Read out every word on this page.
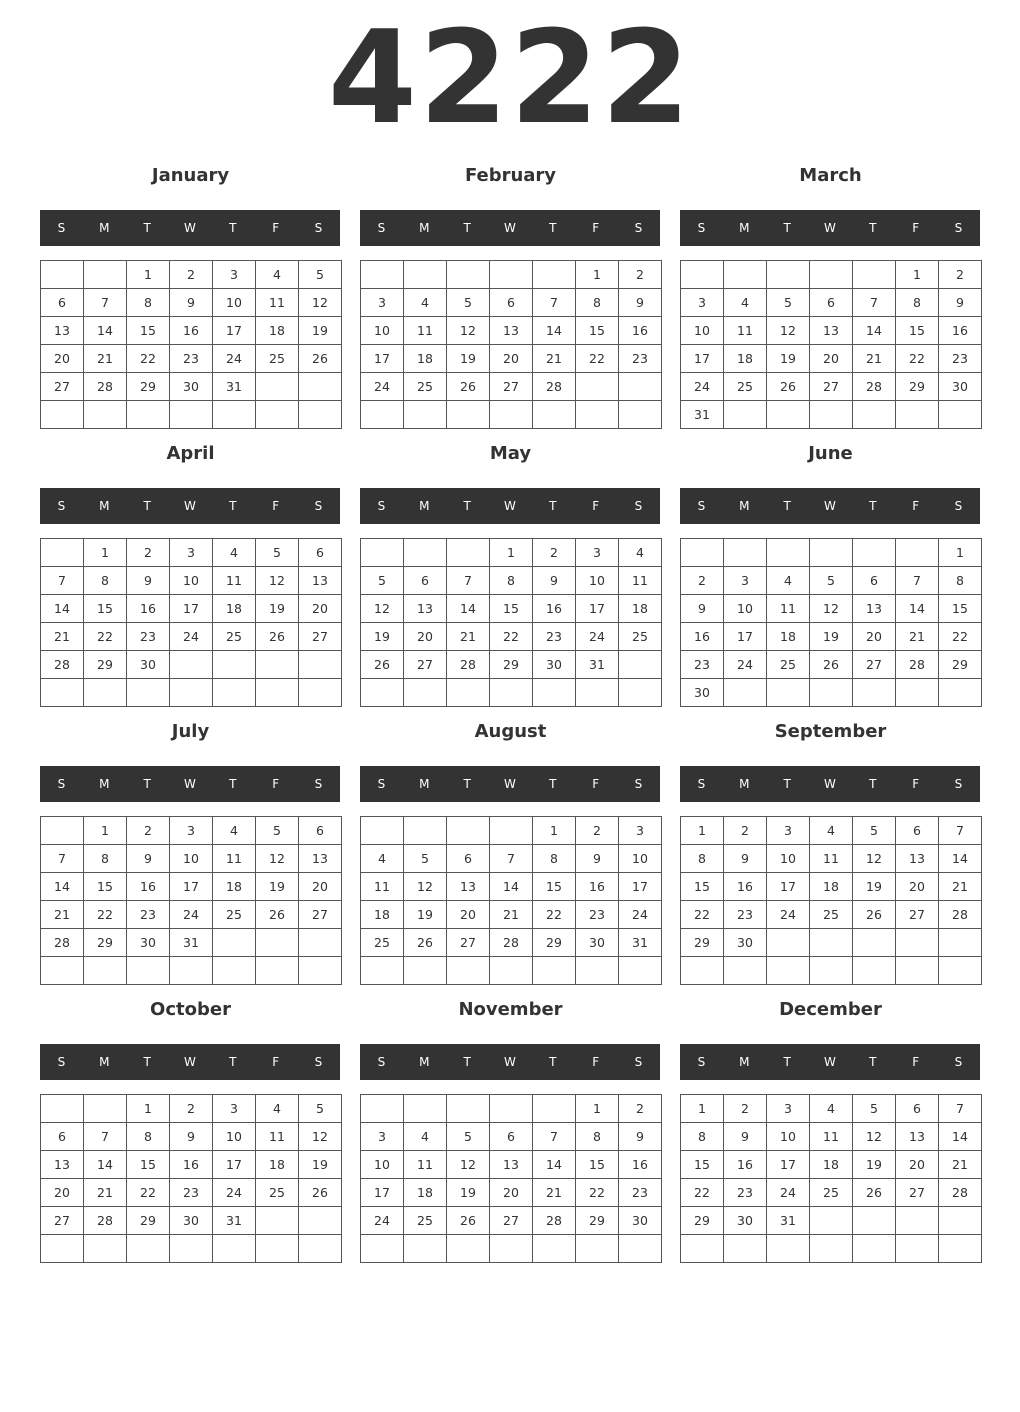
4222
January
S	M	T	W	T	F	S
		1	2	3	4	5
6	7	8	9	10	11	12
13	14	15	16	17	18	19
20	21	22	23	24	25	26
27	28	29	30	31		

February
S	M	T	W	T	F	S
					1	2
3	4	5	6	7	8	9
10	11	12	13	14	15	16
17	18	19	20	21	22	23
24	25	26	27	28		

March
S	M	T	W	T	F	S
					1	2
3	4	5	6	7	8	9
10	11	12	13	14	15	16
17	18	19	20	21	22	23
24	25	26	27	28	29	30
31						
April
S	M	T	W	T	F	S
	1	2	3	4	5	6
7	8	9	10	11	12	13
14	15	16	17	18	19	20
21	22	23	24	25	26	27
28	29	30				

May
S	M	T	W	T	F	S
			1	2	3	4
5	6	7	8	9	10	11
12	13	14	15	16	17	18
19	20	21	22	23	24	25
26	27	28	29	30	31	

June
S	M	T	W	T	F	S
						1
2	3	4	5	6	7	8
9	10	11	12	13	14	15
16	17	18	19	20	21	22
23	24	25	26	27	28	29
30						
July
S	M	T	W	T	F	S
	1	2	3	4	5	6
7	8	9	10	11	12	13
14	15	16	17	18	19	20
21	22	23	24	25	26	27
28	29	30	31			

August
S	M	T	W	T	F	S
				1	2	3
4	5	6	7	8	9	10
11	12	13	14	15	16	17
18	19	20	21	22	23	24
25	26	27	28	29	30	31

September
S	M	T	W	T	F	S
1	2	3	4	5	6	7
8	9	10	11	12	13	14
15	16	17	18	19	20	21
22	23	24	25	26	27	28
29	30					

October
S	M	T	W	T	F	S
		1	2	3	4	5
6	7	8	9	10	11	12
13	14	15	16	17	18	19
20	21	22	23	24	25	26
27	28	29	30	31		

November
S	M	T	W	T	F	S
					1	2
3	4	5	6	7	8	9
10	11	12	13	14	15	16
17	18	19	20	21	22	23
24	25	26	27	28	29	30

December
S	M	T	W	T	F	S
1	2	3	4	5	6	7
8	9	10	11	12	13	14
15	16	17	18	19	20	21
22	23	24	25	26	27	28
29	30	31				
